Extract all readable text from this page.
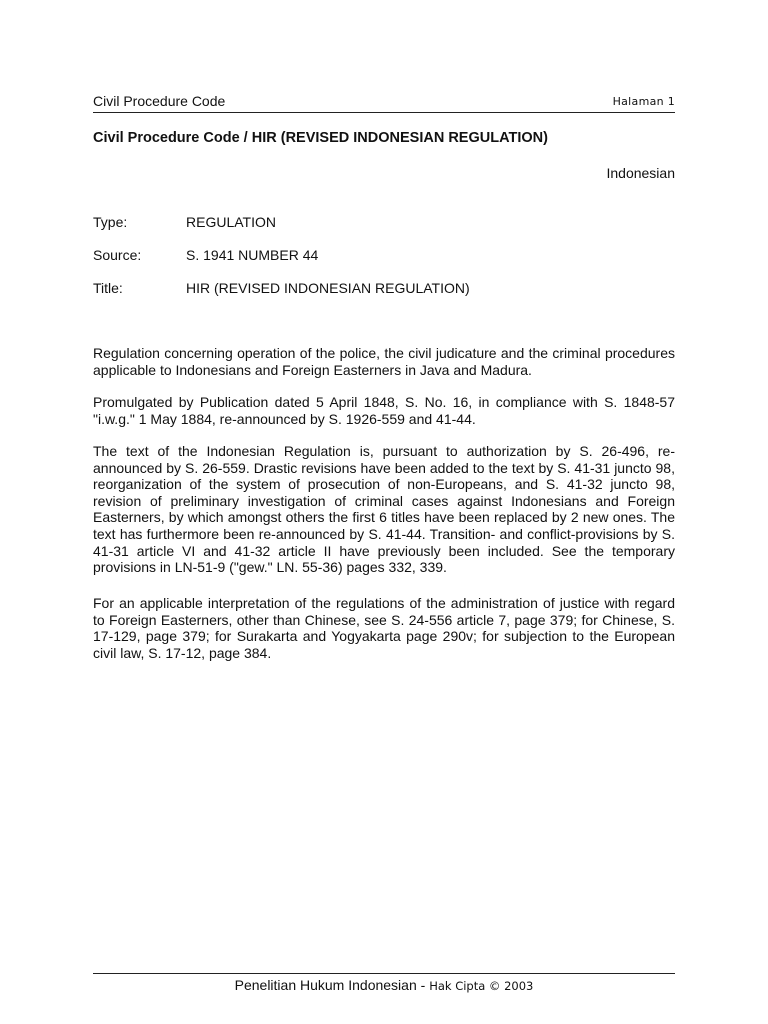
Civil Procedure Code	Halaman 1
Civil Procedure Code / HIR (REVISED INDONESIAN REGULATION)
Indonesian
Type:	REGULATION
Source:	S. 1941 NUMBER 44
Title:	HIR (REVISED INDONESIAN REGULATION)

Regulation concerning operation of the police, the civil judicature and the criminal procedures applicable to Indonesians and Foreign Easterners in Java and Madura.

Promulgated by Publication dated 5 April 1848, S. No. 16, in compliance with S. 1848-57 "i.w.g." 1 May 1884, re-announced by S. 1926-559 and 41-44.

The text of the Indonesian Regulation is, pursuant to authorization by S. 26-496, re-announced by S. 26-559. Drastic revisions have been added to the text by S. 41-31 juncto 98, reorganization of the system of prosecution of non-Europeans, and S. 41-32 juncto 98, revision of preliminary investigation of criminal cases against Indonesians and Foreign Easterners, by which amongst others the first 6 titles have been replaced by 2 new ones. The text has furthermore been re-announced by S. 41-44. Transition- and conflict-provisions by S. 41-31 article VI and 41-32 article II have previously been included. See the temporary provisions in LN-51-9 ("gew." LN. 55-36) pages 332, 339.

For an applicable interpretation of the regulations of the administration of justice with regard to Foreign Easterners, other than Chinese, see S. 24-556 article 7, page 379; for Chinese, S. 17-129, page 379; for Surakarta and Yogyakarta page 290v; for subjection to the European civil law, S. 17-12, page 384.

Penelitian Hukum Indonesian - Hak Cipta © 2003
